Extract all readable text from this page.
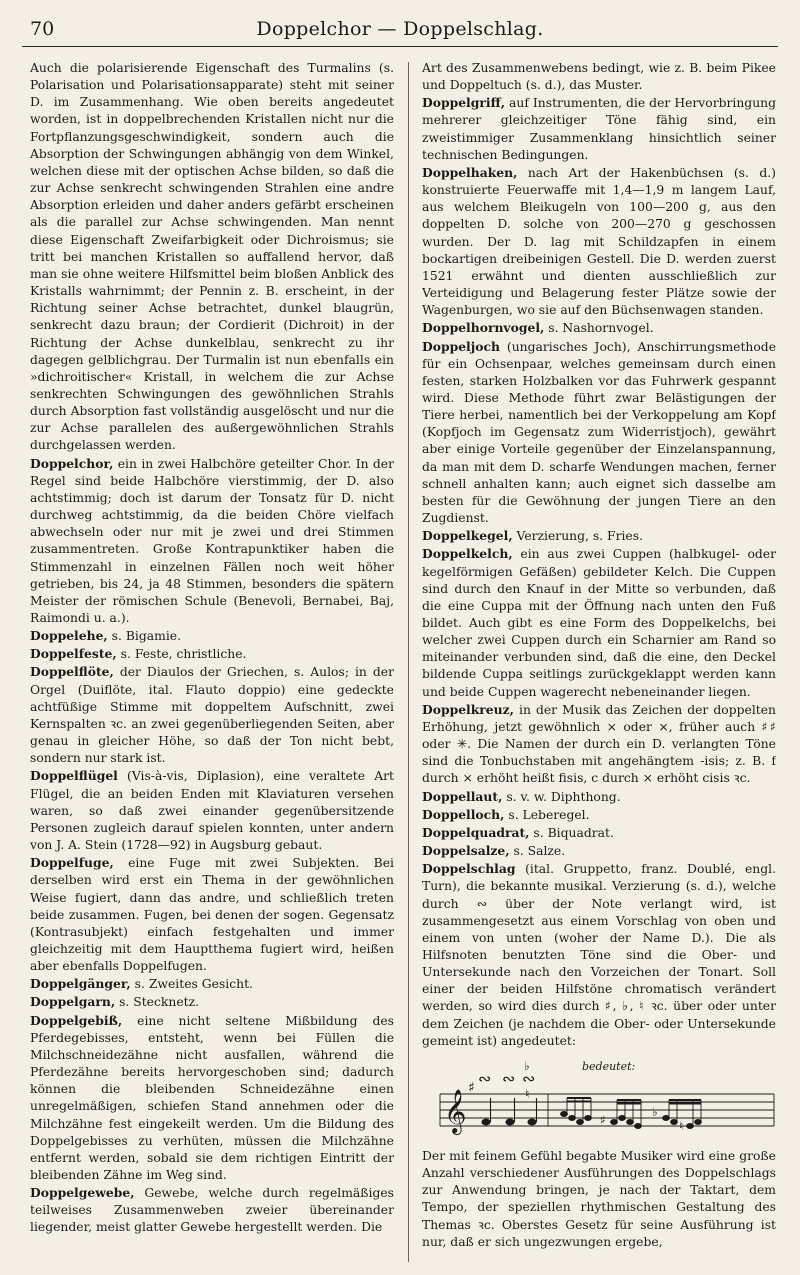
70	Doppelchor — Doppelschlag.

Auch die polarisierende Eigenschaft des Turmalins (s. Polarisation und Polarisationsapparate) steht mit seiner D. im Zusammenhang. Wie oben bereits angedeutet worden, ist in doppelbrechenden Kristallen nicht nur die Fortpflanzungsgeschwindigkeit, sondern auch die Absorption der Schwingungen abhängig von dem Winkel, welchen diese mit der optischen Achse bilden, so daß die zur Achse senkrecht schwingenden Strahlen eine andre Absorption erleiden und daher anders gefärbt erscheinen als die parallel zur Achse schwingenden. Man nennt diese Eigenschaft Zweifarbigkeit oder Dichroismus; sie tritt bei manchen Kristallen so auffallend hervor, daß man sie ohne weitere Hilfsmittel beim bloßen Anblick des Kristalls wahrnimmt; der Pennin z. B. erscheint, in der Richtung seiner Achse betrachtet, dunkel blaugrün, senkrecht dazu braun; der Cordierit (Dichroit) in der Richtung der Achse dunkelblau, senkrecht zu ihr dagegen gelblichgrau. Der Turmalin ist nun ebenfalls ein »dichroitischer« Kristall, in welchem die zur Achse senkrechten Schwingungen des gewöhnlichen Strahls durch Absorption fast vollständig ausgelöscht und nur die zur Achse parallelen des außergewöhnlichen Strahls durchgelassen werden.

Doppelchor, ein in zwei Halbchöre geteilter Chor. In der Regel sind beide Halbchöre vierstimmig, der D. also achtstimmig; doch ist darum der Tonsatz für D. nicht durchweg achtstimmig, da die beiden Chöre vielfach abwechseln oder nur mit je zwei und drei Stimmen zusammentreten. Große Kontrapunktiker haben die Stimmenzahl in einzelnen Fällen noch weit höher getrieben, bis 24, ja 48 Stimmen, besonders die spätern Meister der römischen Schule (Benevoli, Bernabei, Baj, Raimondi u. a.).

Doppelehe, s. Bigamie.

Doppelfeste, s. Feste, christliche.

Doppelflöte, der Diaulos der Griechen, s. Aulos; in der Orgel (Duiflöte, ital. Flauto doppio) eine gedeckte achtfüßige Stimme mit doppeltem Aufschnitt, zwei Kernspalten ꝛc. an zwei gegenüberliegenden Seiten, aber genau in gleicher Höhe, so daß der Ton nicht bebt, sondern nur stark ist.

Doppelflügel (Vis-à-vis, Diplasion), eine veraltete Art Flügel, die an beiden Enden mit Klaviaturen versehen waren, so daß zwei einander gegenübersitzende Personen zugleich darauf spielen konnten, unter andern von J. A. Stein (1728—92) in Augsburg gebaut.

Doppelfuge, eine Fuge mit zwei Subjekten. Bei derselben wird erst ein Thema in der gewöhnlichen Weise fugiert, dann das andre, und schließlich treten beide zusammen. Fugen, bei denen der sogen. Gegensatz (Kontrasubjekt) einfach festgehalten und immer gleichzeitig mit dem Hauptthema fugiert wird, heißen aber ebenfalls Doppelfugen.

Doppelgänger, s. Zweites Gesicht.

Doppelgarn, s. Stecknetz.

Doppelgebiß, eine nicht seltene Mißbildung des Pferdegebisses, entsteht, wenn bei Füllen die Milchschneidezähne nicht ausfallen, während die Pferdezähne bereits hervorgeschoben sind; dadurch können die bleibenden Schneidezähne einen unregelmäßigen, schiefen Stand annehmen oder die Milchzähne fest eingekeilt werden. Um die Bildung des Doppelgebisses zu verhüten, müssen die Milchzähne entfernt werden, sobald sie dem richtigen Eintritt der bleibenden Zähne im Weg sind.

Doppelgewebe, Gewebe, welche durch regelmäßiges teilweises Zusammenweben zweier übereinander liegender, meist glatter Gewebe hergestellt werden. Die

Art des Zusammenwebens bedingt, wie z. B. beim Pikee und Doppeltuch (s. d.), das Muster.

Doppelgriff, auf Instrumenten, die der Hervorbringung mehrerer gleichzeitiger Töne fähig sind, ein zweistimmiger Zusammenklang hinsichtlich seiner technischen Bedingungen.

Doppelhaken, nach Art der Hakenbüchsen (s. d.) konstruierte Feuerwaffe mit 1,4—1,9 m langem Lauf, aus welchem Bleikugeln von 100—200 g, aus den doppelten D. solche von 200—270 g geschossen wurden. Der D. lag mit Schildzapfen in einem bockartigen dreibeinigen Gestell. Die D. werden zuerst 1521 erwähnt und dienten ausschließlich zur Verteidigung und Belagerung fester Plätze sowie der Wagenburgen, wo sie auf den Büchsenwagen standen.

Doppelhornvogel, s. Nashornvogel.

Doppeljoch (ungarisches Joch), Anschirrungsmethode für ein Ochsenpaar, welches gemeinsam durch einen festen, starken Holzbalken vor das Fuhrwerk gespannt wird. Diese Methode führt zwar Belästigungen der Tiere herbei, namentlich bei der Verkoppelung am Kopf (Kopfjoch im Gegensatz zum Widerristjoch), gewährt aber einige Vorteile gegenüber der Einzelanspannung, da man mit dem D. scharfe Wendungen machen, ferner schnell anhalten kann; auch eignet sich dasselbe am besten für die Gewöhnung der jungen Tiere an den Zugdienst.

Doppelkegel, Verzierung, s. Fries.

Doppelkelch, ein aus zwei Cuppen (halbkugel- oder kegelförmigen Gefäßen) gebildeter Kelch. Die Cuppen sind durch den Knauf in der Mitte so verbunden, daß die eine Cuppa mit der Öffnung nach unten den Fuß bildet. Auch gibt es eine Form des Doppelkelchs, bei welcher zwei Cuppen durch ein Scharnier am Rand so miteinander verbunden sind, daß die eine, den Deckel bildende Cuppa seitlings zurückgeklappt werden kann und beide Cuppen wagerecht nebeneinander liegen.

Doppelkreuz, in der Musik das Zeichen der doppelten Erhöhung, jetzt gewöhnlich × oder ×, früher auch ♯♯ oder ✳. Die Namen der durch ein D. verlangten Töne sind die Tonbuchstaben mit angehängtem -isis; z. B. f durch × erhöht heißt fisis, c durch × erhöht cisis ꝛc.

Doppellaut, s. v. w. Diphthong.

Doppelloch, s. Leberegel.

Doppelquadrat, s. Biquadrat.

Doppelsalze, s. Salze.

Doppelschlag (ital. Gruppetto, franz. Doublé, engl. Turn), die bekannte musikal. Verzierung (s. d.), welche durch ∾ über der Note verlangt wird, ist zusammengesetzt aus einem Vorschlag von oben und einem von unten (woher der Name D.). Die als Hilfsnoten benutzten Töne sind die Ober- und Untersekunde nach den Vorzeichen der Tonart. Soll einer der beiden Hilfstöne chromatisch verändert werden, so wird dies durch ♯, ♭, ♮ ꝛc. über oder unter dem Zeichen (je nachdem die Ober- oder Untersekunde gemeint ist) angedeutet:

𝄞
♯ ∾ ∾
♭
∾
♮
♯
♭
♮
bedeutet:

Der mit feinem Gefühl begabte Musiker wird eine große Anzahl verschiedener Ausführungen des Doppelschlags zur Anwendung bringen, je nach der Taktart, dem Tempo, der speziellen rhythmischen Gestaltung des Themas ꝛc. Oberstes Gesetz für seine Ausführung ist nur, daß er sich ungezwungen ergebe,
